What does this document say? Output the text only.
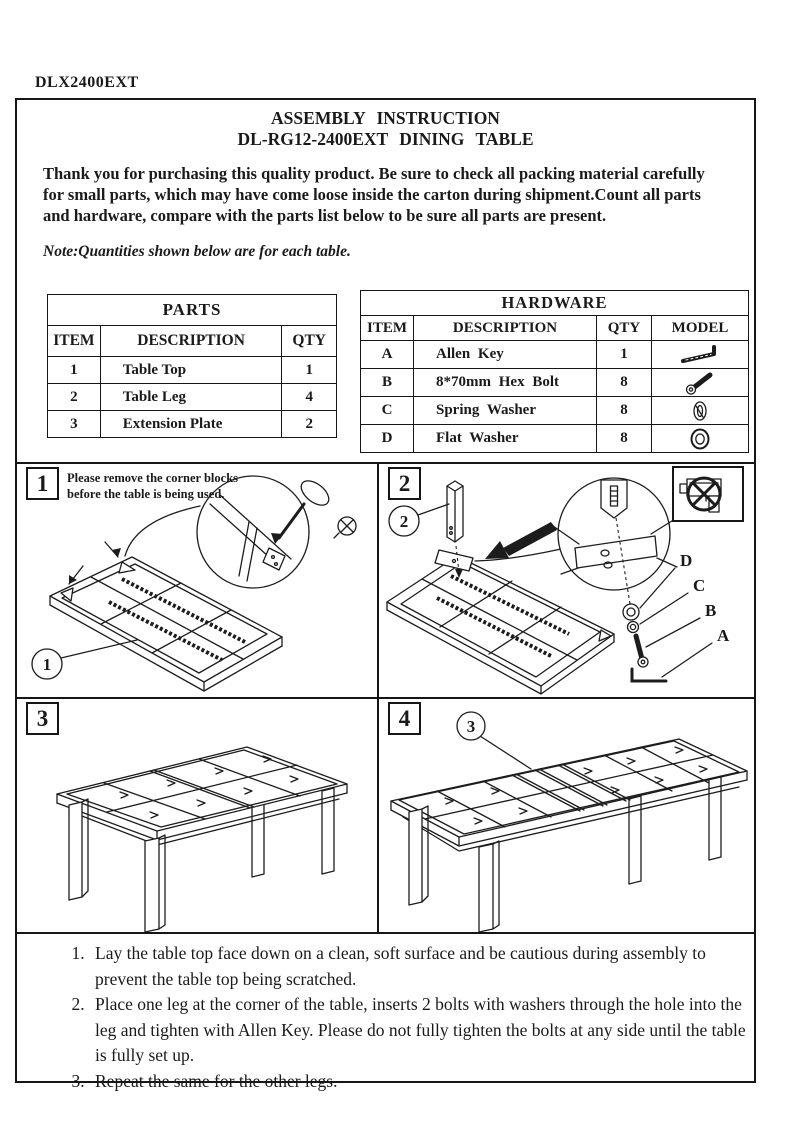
DLX2400EXT
ASSEMBLY INSTRUCTION
DL-RG12-2400EXT DINING TABLE

Thank you for purchasing this quality product. Be sure to check all packing material carefully for small parts, which may have come loose inside the carton during shipment.Count all parts and hardware, compare with the parts list below to be sure all parts are present.

Note:Quantities shown below are for each table.
PARTS		
ITEM	DESCRIPTION	QTY
1	Table Top	1
2	Table Leg	4
3	Extension Plate	2
HARDWARE			
ITEM	DESCRIPTION	QTY	MODEL
A	Allen Key	1	

B	8*70mm Hex Bolt	8	

C	Spring Washer	8	

D	Flat Washer	8	
1	Please remove the corner blocks before the table is being used.
1
2
2
D
C
B
A
3	4	3
1. Lay the table top face down on a clean, soft surface and be cautious during assembly to prevent the table top being scratched.
2. Place one leg at the corner of the table, inserts 2 bolts with washers through the hole into the leg and tighten with Allen Key. Please do not fully tighten the bolts at any side until the table is fully set up.
3. Repeat the same for the other legs.
